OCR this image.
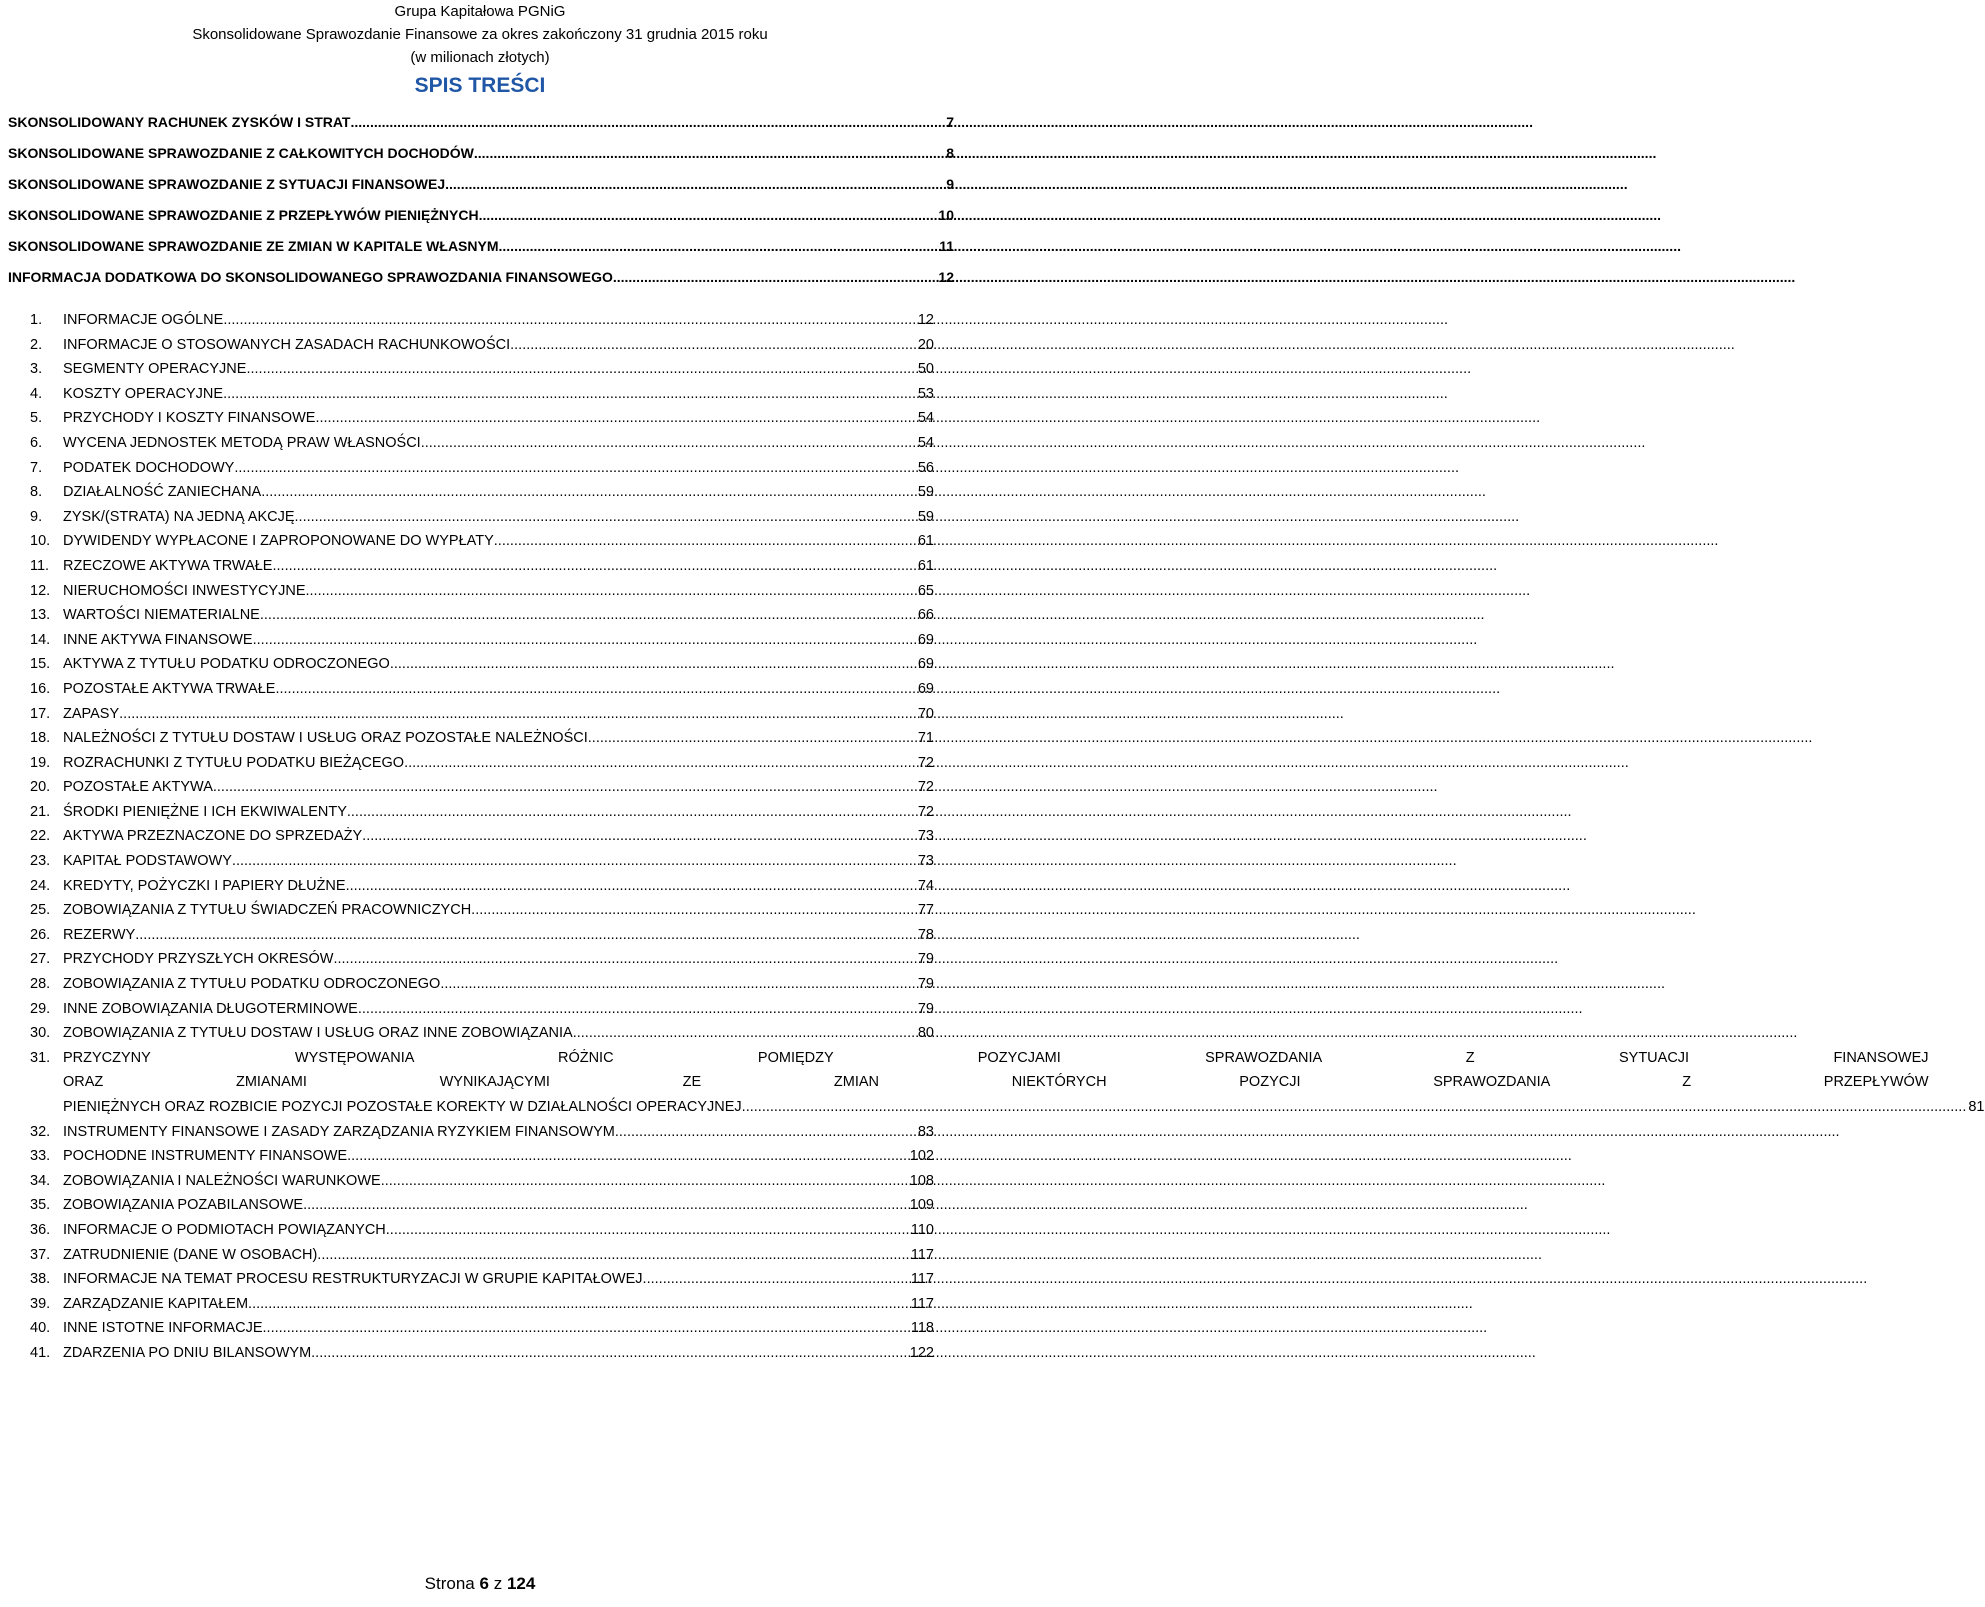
Grupa Kapitałowa PGNiG
Skonsolidowane Sprawozdanie Finansowe za okres zakończony 31 grudnia 2015 roku
(w milionach złotych)
SPIS TREŚCI
SKONSOLIDOWANY RACHUNEK ZYSKÓW I STRAT .....	7
SKONSOLIDOWANE SPRAWOZDANIE Z CAŁKOWITYCH DOCHODÓW .....	8
SKONSOLIDOWANE SPRAWOZDANIE Z SYTUACJI FINANSOWEJ .....	9
SKONSOLIDOWANE SPRAWOZDANIE Z PRZEPŁYWÓW PIENIĘŻNYCH .....	10
SKONSOLIDOWANE SPRAWOZDANIE ZE ZMIAN W KAPITALE WŁASNYM .....	11
INFORMACJA DODATKOWA DO SKONSOLIDOWANEGO SPRAWOZDANIA FINANSOWEGO .....	12
1.	INFORMACJE OGÓLNE .....	12
2.	INFORMACJE O STOSOWANYCH ZASADACH RACHUNKOWOŚCI .....	20
3.	SEGMENTY OPERACYJNE .....	50
4.	KOSZTY OPERACYJNE .....	53
5.	PRZYCHODY I KOSZTY FINANSOWE .....	54
6.	WYCENA JEDNOSTEK METODĄ PRAW WŁASNOŚCI .....	54
7.	PODATEK DOCHODOWY .....	56
8.	DZIAŁALNOŚĆ ZANIECHANA .....	59
9.	ZYSK/(STRATA) NA JEDNĄ AKCJĘ .....	59
10. DYWIDENDY WYPŁACONE I ZAPROPONOWANE DO WYPŁATY .....	61
11. RZECZOWE AKTYWA TRWAŁE .....	61
12. NIERUCHOMOŚCI INWESTYCYJNE .....	65
13. WARTOŚCI NIEMATERIALNE .....	66
14. INNE AKTYWA FINANSOWE .....	69
15. AKTYWA Z TYTUŁU PODATKU ODROCZONEGO .....	69
16. POZOSTAŁE AKTYWA TRWAŁE .....	69
17. ZAPASY .....	70
18. NALEŻNOŚCI Z TYTUŁU DOSTAW I USŁUG ORAZ POZOSTAŁE NALEŻNOŚCI .....	71
19. ROZRACHUNKI Z TYTUŁU PODATKU BIEŻĄCEGO .....	72
20. POZOSTAŁE AKTYWA .....	72
21. ŚRODKI PIENIĘŻNE I ICH EKWIWALENTY .....	72
22. AKTYWA PRZEZNACZONE DO SPRZEDAŻY .....	73
23. KAPITAŁ PODSTAWOWY .....	73
24. KREDYTY, POŻYCZKI I PAPIERY DŁUŻNE .....	74
25. ZOBOWIĄZANIA Z TYTUŁU ŚWIADCZEŃ PRACOWNICZYCH .....	77
26. REZERWY .....	78
27. PRZYCHODY PRZYSZŁYCH OKRESÓW .....	79
28. ZOBOWIĄZANIA Z TYTUŁU PODATKU ODROCZONEGO .....	79
29. INNE ZOBOWIĄZANIA DŁUGOTERMINOWE .....	79
30. ZOBOWIĄZANIA Z TYTUŁU DOSTAW I USŁUG ORAZ INNE ZOBOWIĄZANIA .....	80
31. PRZYCZYNY WYSTĘPOWANIA RÓŻNIC POMIĘDZY POZYCJAMI SPRAWOZDANIA Z SYTUACJI FINANSOWEJ
ORAZ ZMIANAMI WYNIKAJĄCYMI ZE ZMIAN NIEKTÓRYCH POZYCJI SPRAWOZDANIA Z PRZEPŁYWÓW
PIENIĘŻNYCH ORAZ ROZBICIE POZYCJI POZOSTAŁE KOREKTY W DZIAŁALNOŚCI OPERACYJNEJ .....	81
32. INSTRUMENTY FINANSOWE I ZASADY ZARZĄDZANIA RYZYKIEM FINANSOWYM .....	83
33. POCHODNE INSTRUMENTY FINANSOWE .....	102
34. ZOBOWIĄZANIA I NALEŻNOŚCI WARUNKOWE .....	108
35. ZOBOWIĄZANIA POZABILANSOWE .....	109
36. INFORMACJE O PODMIOTACH POWIĄZANYCH .....	110
37. ZATRUDNIENIE (DANE W OSOBACH) .....	117
38. INFORMACJE NA TEMAT PROCESU RESTRUKTURYZACJI W GRUPIE KAPITAŁOWEJ .....	117
39. ZARZĄDZANIE KAPITAŁEM .....	117
40. INNE ISTOTNE INFORMACJE .....	118
41. ZDARZENIA PO DNIU BILANSOWYM .....	122
Strona 6 z 124
